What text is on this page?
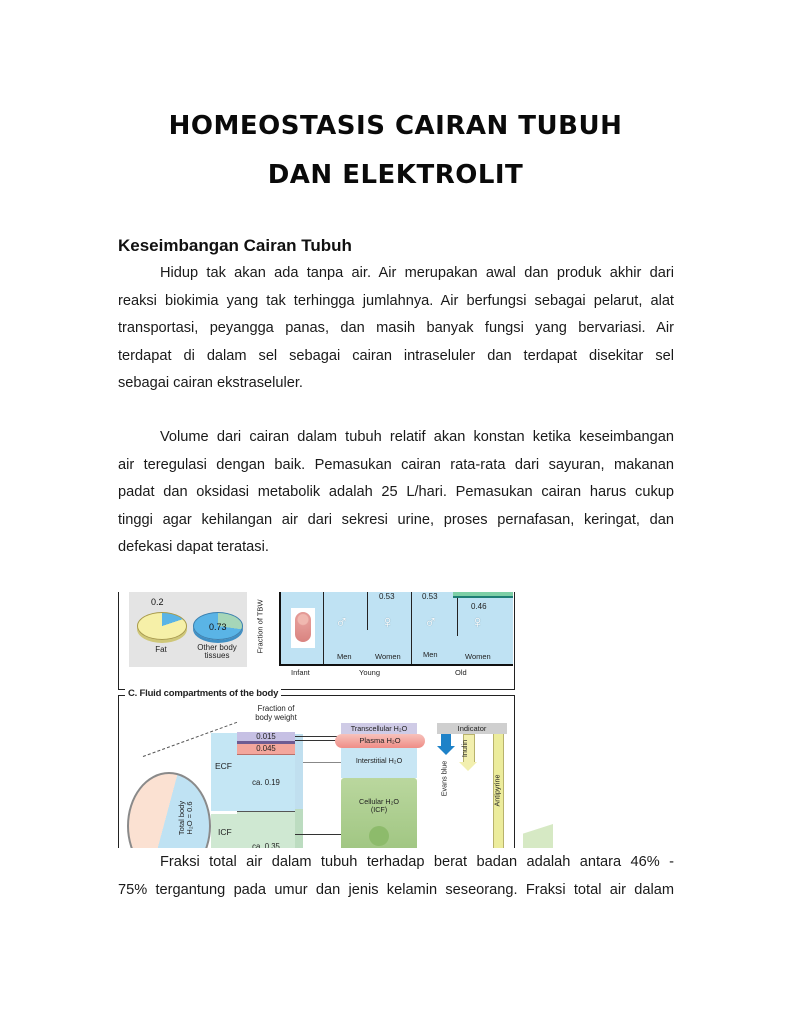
HOMEOSTASIS CAIRAN TUBUH
DAN ELEKTROLIT
Keseimbangan Cairan Tubuh
Hidup tak akan ada tanpa air. Air merupakan awal dan produk akhir dari
reaksi biokimia yang tak terhingga jumlahnya. Air berfungsi sebagai pelarut, alat
transportasi, peyangga panas, dan masih banyak fungsi yang bervariasi. Air
terdapat di dalam sel sebagai cairan intraseluler dan terdapat disekitar sel
sebagai cairan ekstraseluler.
Volume dari cairan dalam tubuh relatif akan konstan ketika keseimbangan
air teregulasi dengan baik. Pemasukan cairan rata-rata dari sayuran, makanan
padat dan oksidasi metabolik adalah 25 L/hari. Pemasukan cairan harus cukup
tinggi agar kehilangan air dari sekresi urine, proses pernafasan, keringat, dan
defekasi dapat teratasi.
0.2
0.73
Fat	Other body
tissues
Fraction of TBW
0.53	0.53
0.46
♂ ♀ ♂ ♀
Men	Women	Men	Women
Infant	Young	Old
C. Fluid compartments of the body
Total body H₂O = 0.6
ECF
ICF
Fraction of
body weight
0.015
0.045
ca. 0.19
ca. 0.35
Transcellular H₂O
Plasma H₂O
Interstitial H₂O
Cellular H₂O
(ICF)
Indicator
Evans blue
Inulin
Antipyrine
Fraksi total air dalam tubuh terhadap berat badan adalah antara 46% -
75% tergantung pada umur dan jenis kelamin seseorang. Fraksi total air dalam
